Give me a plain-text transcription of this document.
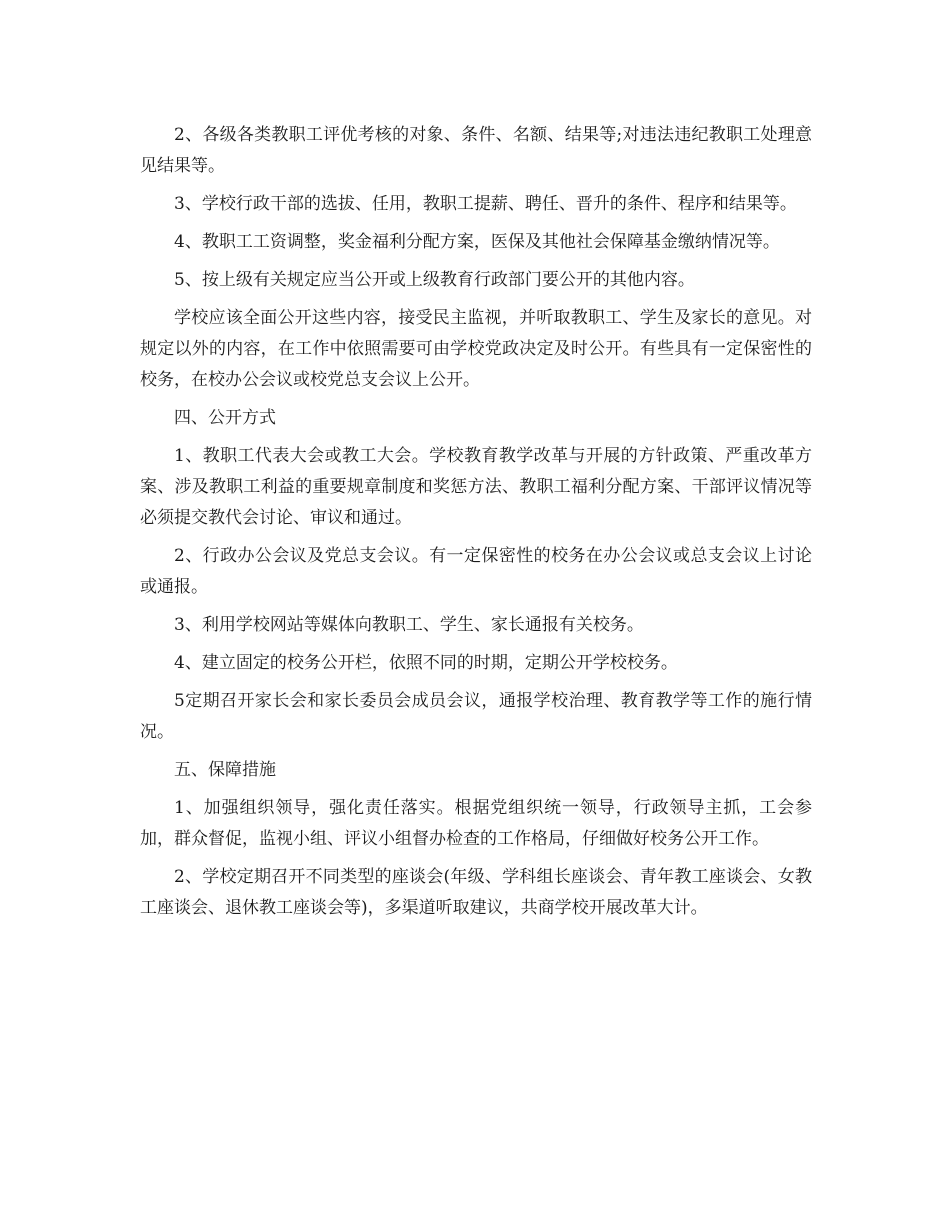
2、各级各类教职工评优考核的对象、条件、名额、结果等;对违法违纪教职工处理意见结果等。

3、学校行政干部的选拔、任用，教职工提薪、聘任、晋升的条件、程序和结果等。

4、教职工工资调整，奖金福利分配方案，医保及其他社会保障基金缴纳情况等。

5、按上级有关规定应当公开或上级教育行政部门要公开的其他内容。

学校应该全面公开这些内容，接受民主监视，并听取教职工、学生及家长的意见。对规定以外的内容，在工作中依照需要可由学校党政决定及时公开。有些具有一定保密性的校务，在校办公会议或校党总支会议上公开。

四、公开方式

1、教职工代表大会或教工大会。学校教育教学改革与开展的方针政策、严重改革方案、涉及教职工利益的重要规章制度和奖惩方法、教职工福利分配方案、干部评议情况等必须提交教代会讨论、审议和通过。

2、行政办公会议及党总支会议。有一定保密性的校务在办公会议或总支会议上讨论或通报。

3、利用学校网站等媒体向教职工、学生、家长通报有关校务。

4、建立固定的校务公开栏，依照不同的时期，定期公开学校校务。

5定期召开家长会和家长委员会成员会议，通报学校治理、教育教学等工作的施行情况。

五、保障措施

1、加强组织领导，强化责任落实。根据党组织统一领导，行政领导主抓，工会参加，群众督促，监视小组、评议小组督办检查的工作格局，仔细做好校务公开工作。

2、学校定期召开不同类型的座谈会(年级、学科组长座谈会、青年教工座谈会、女教工座谈会、退休教工座谈会等)，多渠道听取建议，共商学校开展改革大计。
